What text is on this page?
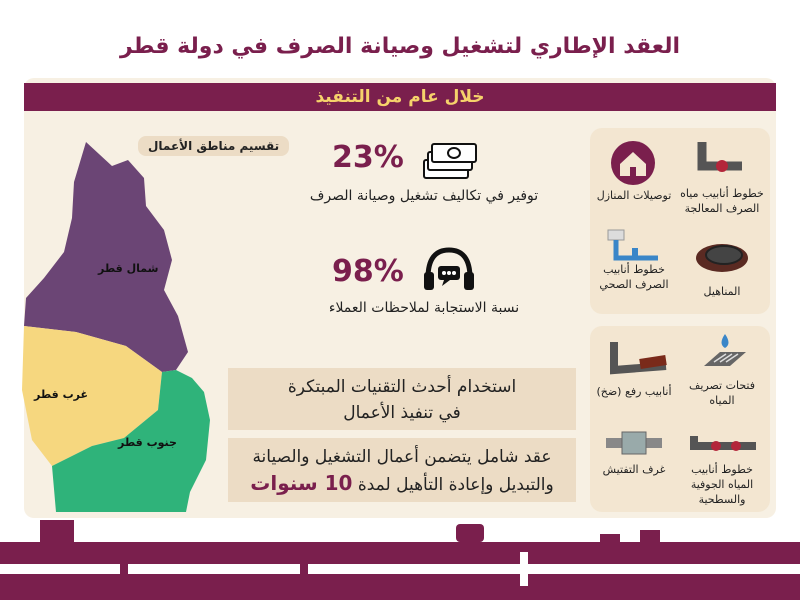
العقد الإطاري لتشغيل وصيانة الصرف في دولة قطر
خلال عام من التنفيذ
تقسيم مناطق الأعمال
شمال قطر
غرب قطر
جنوب قطر
23%
توفير في تكاليف تشغيل وصيانة الصرف
98%
نسبة الاستجابة لملاحظات العملاء
استخدام أحدث التقنيات المبتكرة
في تنفيذ الأعمال
عقد شامل يتضمن أعمال التشغيل والصيانة
والتبديل وإعادة التأهيل لمدة 10 سنوات
خطوط أنابيب مياه الصرف المعالجة
توصيلات المنازل
المناهيل
خطوط أنابيب الصرف الصحي
فتحات تصريف المياه
أنابيب رفع (ضخ)
خطوط أنابيب المياه الجوفية والسطحية
غرف التفتيش
